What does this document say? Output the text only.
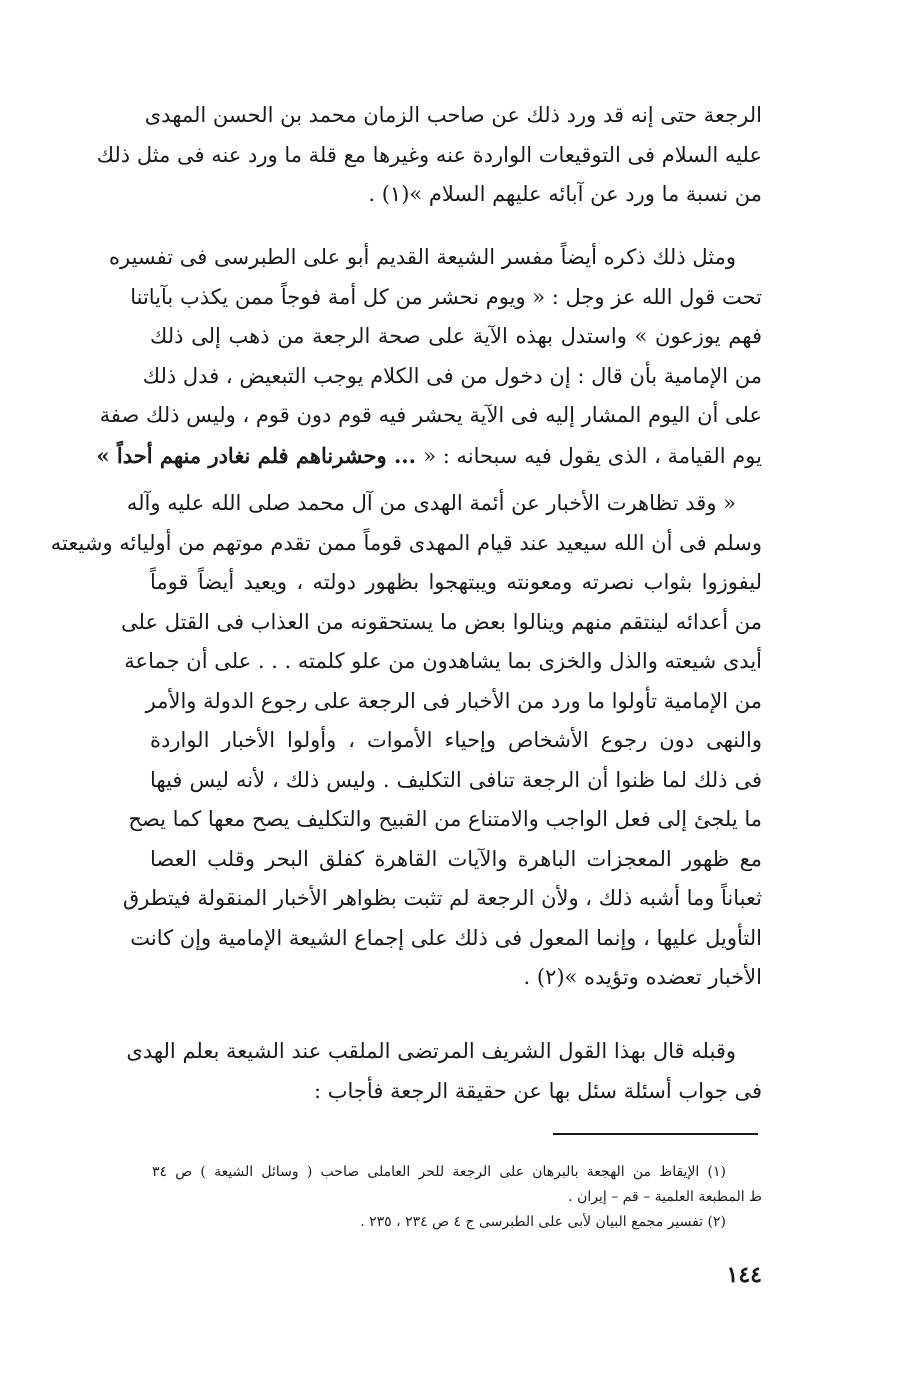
الرجعة حتى إنه قد ورد ذلك عن صاحب الزمان محمد بن الحسن المهدى
عليه السلام فى التوقيعات الواردة عنه وغيرها مع قلة ما ورد عنه فى مثل ذلك
من نسبة ما ورد عن آبائه عليهم السلام »(١) .
ومثل ذلك ذكره أيضاً مفسر الشيعة القديم أبو على الطبرسى فى تفسيره
تحت قول الله عز وجل : « ويوم نحشر من كل أمة فوجاً ممن يكذب بآياتنا
فهم يوزعون » واستدل بهذه الآية على صحة الرجعة من ذهب إلى ذلك
من الإمامية بأن قال : إن دخول من فى الكلام يوجب التبعيض ، فدل ذلك
على أن اليوم المشار إليه فى الآية يحشر فيه قوم دون قوم ، وليس ذلك صفة
يوم القيامة ، الذى يقول فيه سبحانه : « ... وحشرناهم فلم نغادر منهم أحداً »
« وقد تظاهرت الأخبار عن أئمة الهدى من آل محمد صلى الله عليه وآله
وسلم فى أن الله سيعيد عند قيام المهدى قوماً ممن تقدم موتهم من أوليائه وشيعته
ليفوزوا بثواب نصرته ومعونته ويبتهجوا بظهور دولته ، ويعيد أيضاً قوماً
من أعدائه لينتقم منهم وينالوا بعض ما يستحقونه من العذاب فى القتل على
أيدى شيعته والذل والخزى بما يشاهدون من علو كلمته . . . على أن جماعة
من الإمامية تأولوا ما ورد من الأخبار فى الرجعة على رجوع الدولة والأمر
والنهى دون رجوع الأشخاص وإحياء الأموات ، وأولوا الأخبار الواردة
فى ذلك لما ظنوا أن الرجعة تنافى التكليف . وليس ذلك ، لأنه ليس فيها
ما يلجئ إلى فعل الواجب والامتناع من القبيح والتكليف يصح معها كما يصح
مع ظهور المعجزات الباهرة والآيات القاهرة كفلق البحر وقلب العصا
ثعباناً وما أشبه ذلك ، ولأن الرجعة لم تثبت بظواهر الأخبار المنقولة فيتطرق
التأويل عليها ، وإنما المعول فى ذلك على إجماع الشيعة الإمامية وإن كانت
الأخبار تعضده وتؤيده »(٢) .
وقبله قال بهذا القول الشريف المرتضى الملقب عند الشيعة بعلم الهدى
فى جواب أسئلة سئل بها عن حقيقة الرجعة فأجاب :
(١) الإيقاظ من الهجعة بالبرهان على الرجعة للحر العاملى صاحب ( وسائل الشيعة ) ص ٣٤
ط المطبعة العلمية – قم – إيران .
(٢) تفسير مجمع البيان لأبى على الطبرسى ج ٤ ص ٢٣٤ ، ٢٣٥ .
١٤٤
